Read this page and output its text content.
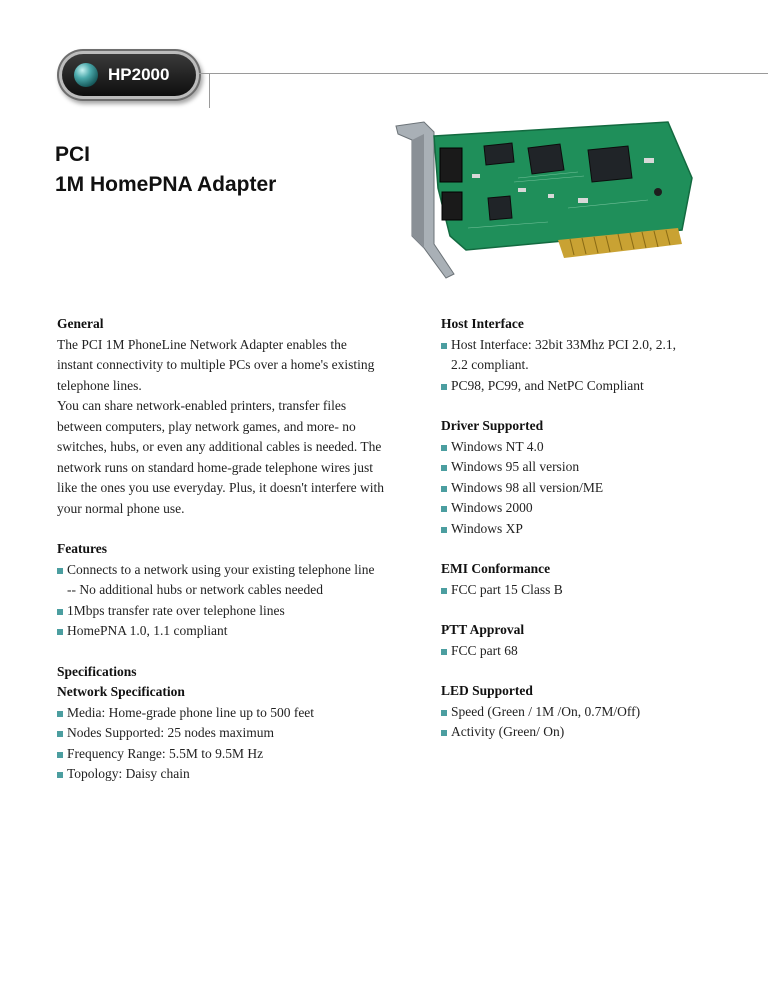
HP2000
PCI
1M HomePNA Adapter
General
The PCI 1M PhoneLine Network Adapter enables the
instant connectivity to multiple PCs over a home's existing
telephone lines.
You can share network-enabled printers, transfer files
between computers, play network games, and more- no
switches, hubs, or even any additional cables is needed. The
network runs on standard home-grade telephone wires just
like the ones you use everyday. Plus, it doesn't interfere with
your normal phone use.
Features
Connects to a network using your existing telephone line
-- No additional hubs or network cables needed
1Mbps transfer rate over telephone lines
HomePNA 1.0, 1.1 compliant
Specifications
Network Specification
Media: Home-grade phone line up to 500 feet
Nodes Supported: 25 nodes maximum
Frequency Range: 5.5M to 9.5M Hz
Topology: Daisy chain
Host Interface
Host Interface: 32bit 33Mhz PCI 2.0, 2.1,
2.2 compliant.
PC98, PC99, and NetPC Compliant
Driver Supported
Windows NT 4.0
Windows 95 all version
Windows 98 all version/ME
Windows 2000
Windows XP
EMI Conformance
FCC part 15 Class B
PTT Approval
FCC part 68
LED Supported
Speed (Green / 1M /On, 0.7M/Off)
Activity (Green/ On)
